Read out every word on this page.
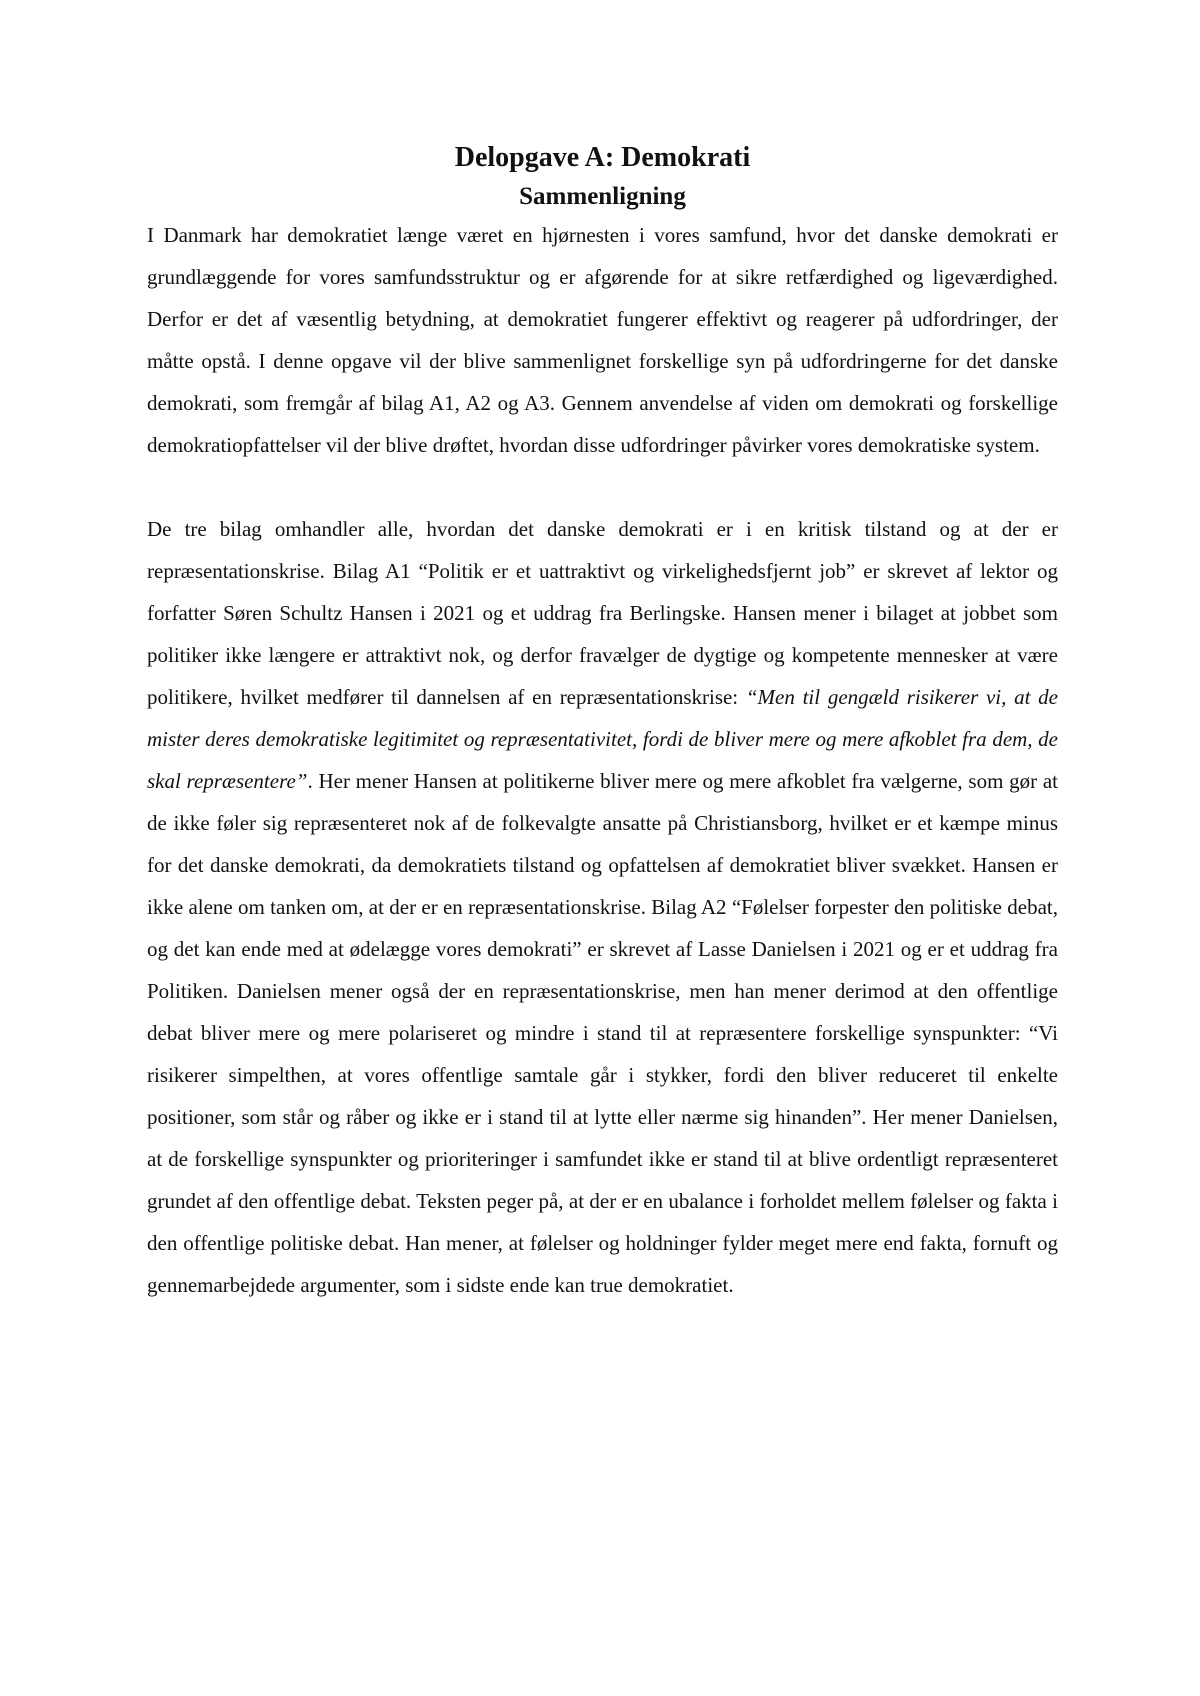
Delopgave A: Demokrati
Sammenligning

I Danmark har demokratiet længe været en hjørnesten i vores samfund, hvor det danske demokrati er grundlæggende for vores samfundsstruktur og er afgørende for at sikre retfærdighed og ligeværdighed. Derfor er det af væsentlig betydning, at demokratiet fungerer effektivt og reagerer på udfordringer, der måtte opstå. I denne opgave vil der blive sammenlignet forskellige syn på udfordringerne for det danske demokrati, som fremgår af bilag A1, A2 og A3. Gennem anvendelse af viden om demokrati og forskellige demokratiopfattelser vil der blive drøftet, hvordan disse udfordringer påvirker vores demokratiske system.

De tre bilag omhandler alle, hvordan det danske demokrati er i en kritisk tilstand og at der er repræsentationskrise. Bilag A1 “Politik er et uattraktivt og virkelighedsfjernt job” er skrevet af lektor og forfatter Søren Schultz Hansen i 2021 og et uddrag fra Berlingske. Hansen mener i bilaget at jobbet som politiker ikke længere er attraktivt nok, og derfor fravælger de dygtige og kompetente mennesker at være politikere, hvilket medfører til dannelsen af en repræsentationskrise: “Men til gengæld risikerer vi, at de mister deres demokratiske legitimitet og repræsentativitet, fordi de bliver mere og mere afkoblet fra dem, de skal repræsentere”. Her mener Hansen at politikerne bliver mere og mere afkoblet fra vælgerne, som gør at de ikke føler sig repræsenteret nok af de folkevalgte ansatte på Christiansborg, hvilket er et kæmpe minus for det danske demokrati, da demokratiets tilstand og opfattelsen af demokratiet bliver svækket. Hansen er ikke alene om tanken om, at der er en repræsentationskrise. Bilag A2 “Følelser forpester den politiske debat, og det kan ende med at ødelægge vores demokrati” er skrevet af Lasse Danielsen i 2021 og er et uddrag fra Politiken. Danielsen mener også der en repræsentationskrise, men han mener derimod at den offentlige debat bliver mere og mere polariseret og mindre i stand til at repræsentere forskellige synspunkter: “Vi risikerer simpelthen, at vores offentlige samtale går i stykker, fordi den bliver reduceret til enkelte positioner, som står og råber og ikke er i stand til at lytte eller nærme sig hinanden”. Her mener Danielsen, at de forskellige synspunkter og prioriteringer i samfundet ikke er stand til at blive ordentligt repræsenteret grundet af den offentlige debat. Teksten peger på, at der er en ubalance i forholdet mellem følelser og fakta i den offentlige politiske debat. Han mener, at følelser og holdninger fylder meget mere end fakta, fornuft og gennemarbejdede argumenter, som i sidste ende kan true demokratiet.
